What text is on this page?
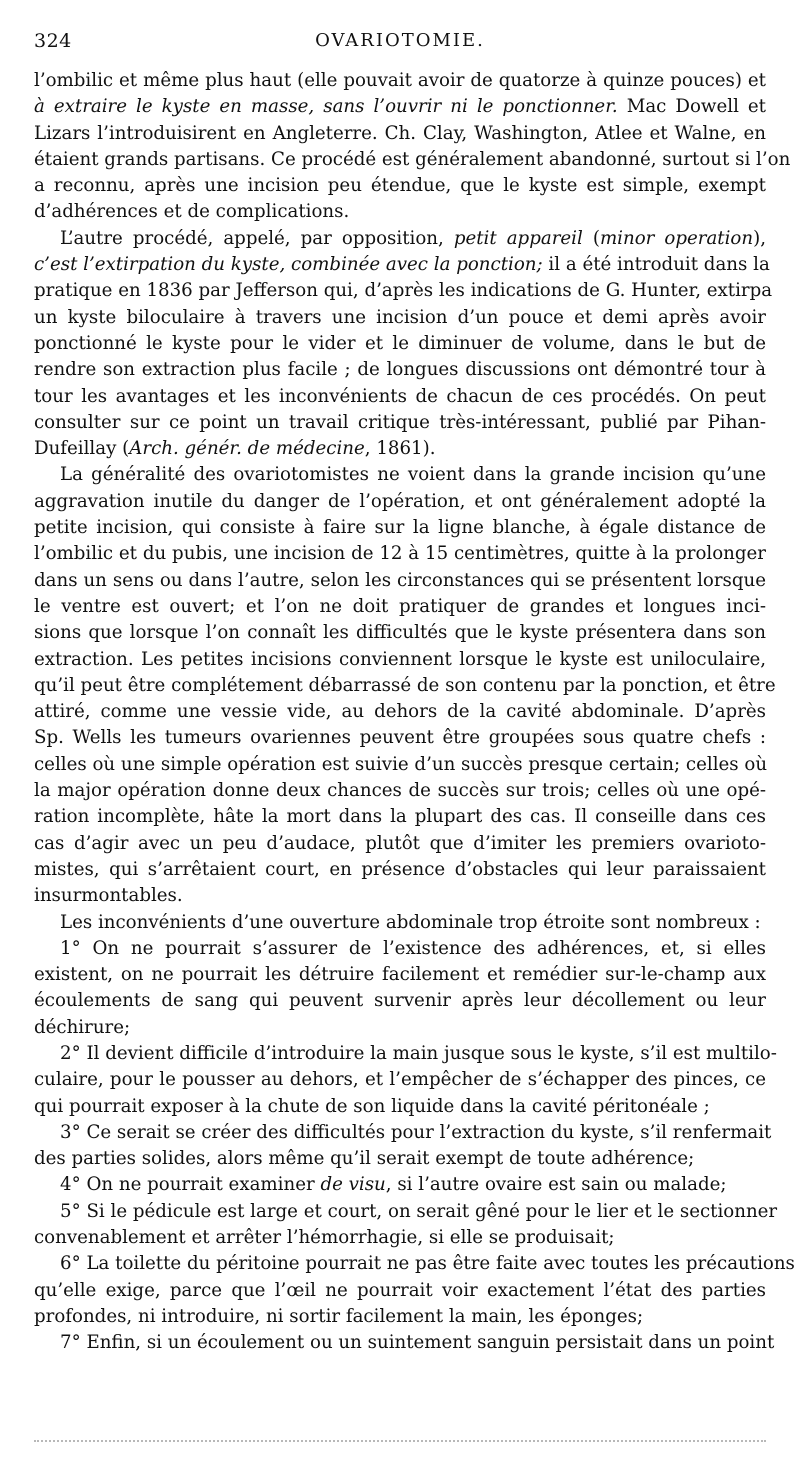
324	OVARIOTOMIE.
l’ombilic et même plus haut (elle pouvait avoir de quatorze à quinze pouces) et
à extraire le kyste en masse, sans l’ouvrir ni le ponctionner. Mac Dowell et
Lizars l’introduisirent en Angleterre. Ch. Clay, Washington, Atlee et Walne, en
étaient grands partisans. Ce procédé est généralement abandonné, surtout si l’on
a reconnu, après une incision peu étendue, que le kyste est simple, exempt
d’adhérences et de complications.
L’autre procédé, appelé, par opposition, petit appareil (minor operation),
c’est l’extirpation du kyste, combinée avec la ponction; il a été introduit dans la
pratique en 1836 par Jefferson qui, d’après les indications de G. Hunter, extirpa
un kyste biloculaire à travers une incision d’un pouce et demi après avoir
ponctionné le kyste pour le vider et le diminuer de volume, dans le but de
rendre son extraction plus facile ; de longues discussions ont démontré tour à
tour les avantages et les inconvénients de chacun de ces procédés. On peut
consulter sur ce point un travail critique très-intéressant, publié par Pihan-
Dufeillay (Arch. génér. de médecine, 1861).
La généralité des ovariotomistes ne voient dans la grande incision qu’une
aggravation inutile du danger de l’opération, et ont généralement adopté la
petite incision, qui consiste à faire sur la ligne blanche, à égale distance de
l’ombilic et du pubis, une incision de 12 à 15 centimètres, quitte à la prolonger
dans un sens ou dans l’autre, selon les circonstances qui se présentent lorsque
le ventre est ouvert; et l’on ne doit pratiquer de grandes et longues inci-
sions que lorsque l’on connaît les difficultés que le kyste présentera dans son
extraction. Les petites incisions conviennent lorsque le kyste est uniloculaire,
qu’il peut être complétement débarrassé de son contenu par la ponction, et être
attiré, comme une vessie vide, au dehors de la cavité abdominale. D’après
Sp. Wells les tumeurs ovariennes peuvent être groupées sous quatre chefs :
celles où une simple opération est suivie d’un succès presque certain; celles où
la major opération donne deux chances de succès sur trois; celles où une opé-
ration incomplète, hâte la mort dans la plupart des cas. Il conseille dans ces
cas d’agir avec un peu d’audace, plutôt que d’imiter les premiers ovarioto-
mistes, qui s’arrêtaient court, en présence d’obstacles qui leur paraissaient
insurmontables.
Les inconvénients d’une ouverture abdominale trop étroite sont nombreux :
1° On ne pourrait s’assurer de l’existence des adhérences, et, si elles
existent, on ne pourrait les détruire facilement et remédier sur-le-champ aux
écoulements de sang qui peuvent survenir après leur décollement ou leur
déchirure;
2° Il devient difficile d’introduire la main jusque sous le kyste, s’il est multilo-
culaire, pour le pousser au dehors, et l’empêcher de s’échapper des pinces, ce
qui pourrait exposer à la chute de son liquide dans la cavité péritonéale ;
3° Ce serait se créer des difficultés pour l’extraction du kyste, s’il renfermait
des parties solides, alors même qu’il serait exempt de toute adhérence;
4° On ne pourrait examiner de visu, si l’autre ovaire est sain ou malade;
5° Si le pédicule est large et court, on serait gêné pour le lier et le sectionner
convenablement et arrêter l’hémorrhagie, si elle se produisait;
6° La toilette du péritoine pourrait ne pas être faite avec toutes les précautions
qu’elle exige, parce que l’œil ne pourrait voir exactement l’état des parties
profondes, ni introduire, ni sortir facilement la main, les éponges;
7° Enfin, si un écoulement ou un suintement sanguin persistait dans un point
